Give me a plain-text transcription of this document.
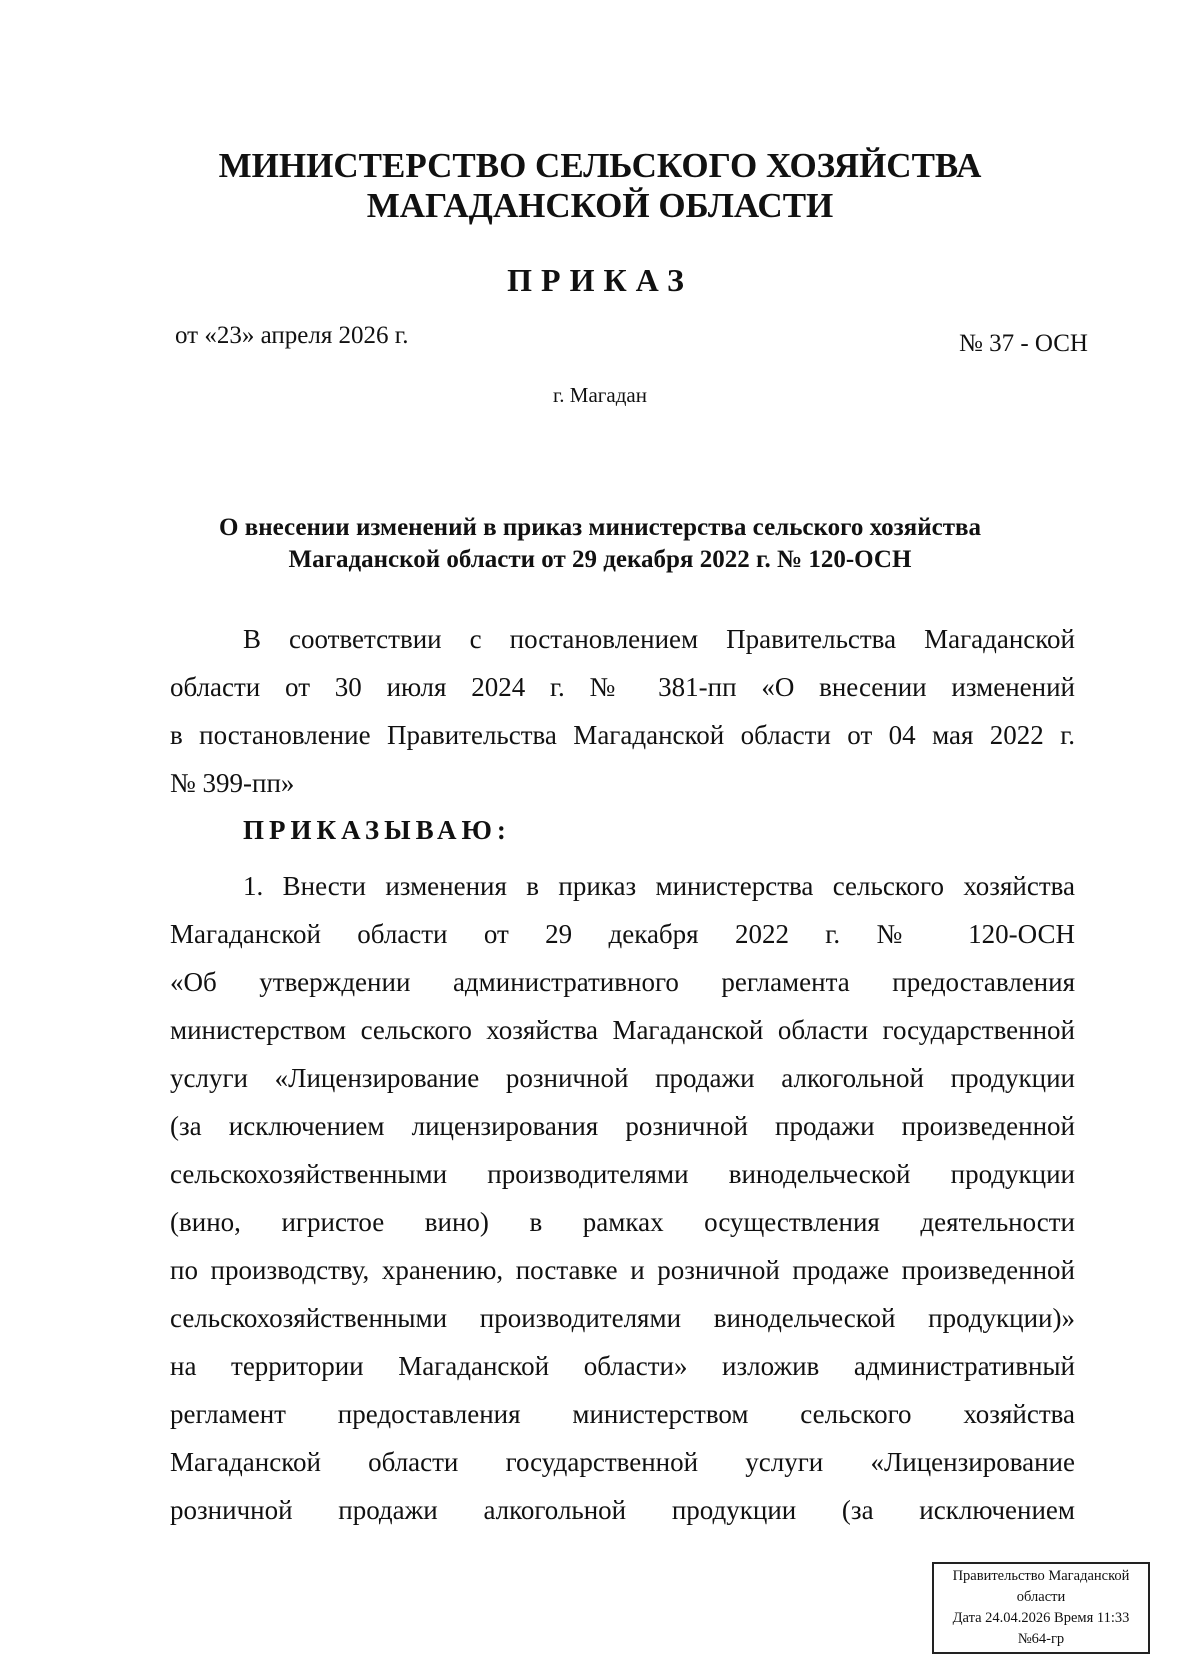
МИНИСТЕРСТВО СЕЛЬСКОГО ХОЗЯЙСТВА
МАГАДАНСКОЙ ОБЛАСТИ
ПРИКАЗ
от «23» апреля 2026 г.	№ 37 - ОСН
г. Магадан
О внесении изменений в приказ министерства сельского хозяйства
Магаданской области от 29 декабря 2022 г. № 120-ОСН
В соответствии с постановлением Правительства Магаданской
области от 30 июля 2024 г. № 381-пп «О внесении изменений
в постановление Правительства Магаданской области от 04 мая 2022 г.
№ 399-пп»
ПРИКАЗЫВАЮ:
1. Внести изменения в приказ министерства сельского хозяйства
Магаданской области от 29 декабря 2022 г. № 120-ОСН
«Об утверждении административного регламента предоставления
министерством сельского хозяйства Магаданской области государственной
услуги «Лицензирование розничной продажи алкогольной продукции
(за исключением лицензирования розничной продажи произведенной
сельскохозяйственными производителями винодельческой продукции
(вино, игристое вино) в рамках осуществления деятельности
по производству, хранению, поставке и розничной продаже произведенной
сельскохозяйственными производителями винодельческой продукции)»
на территории Магаданской области» изложив административный
регламент предоставления министерством сельского хозяйства
Магаданской области государственной услуги «Лицензирование
розничной продажи алкогольной продукции (за исключением
Правительство Магаданской
области
Дата 24.04.2026 Время 11:33
№64-гр
